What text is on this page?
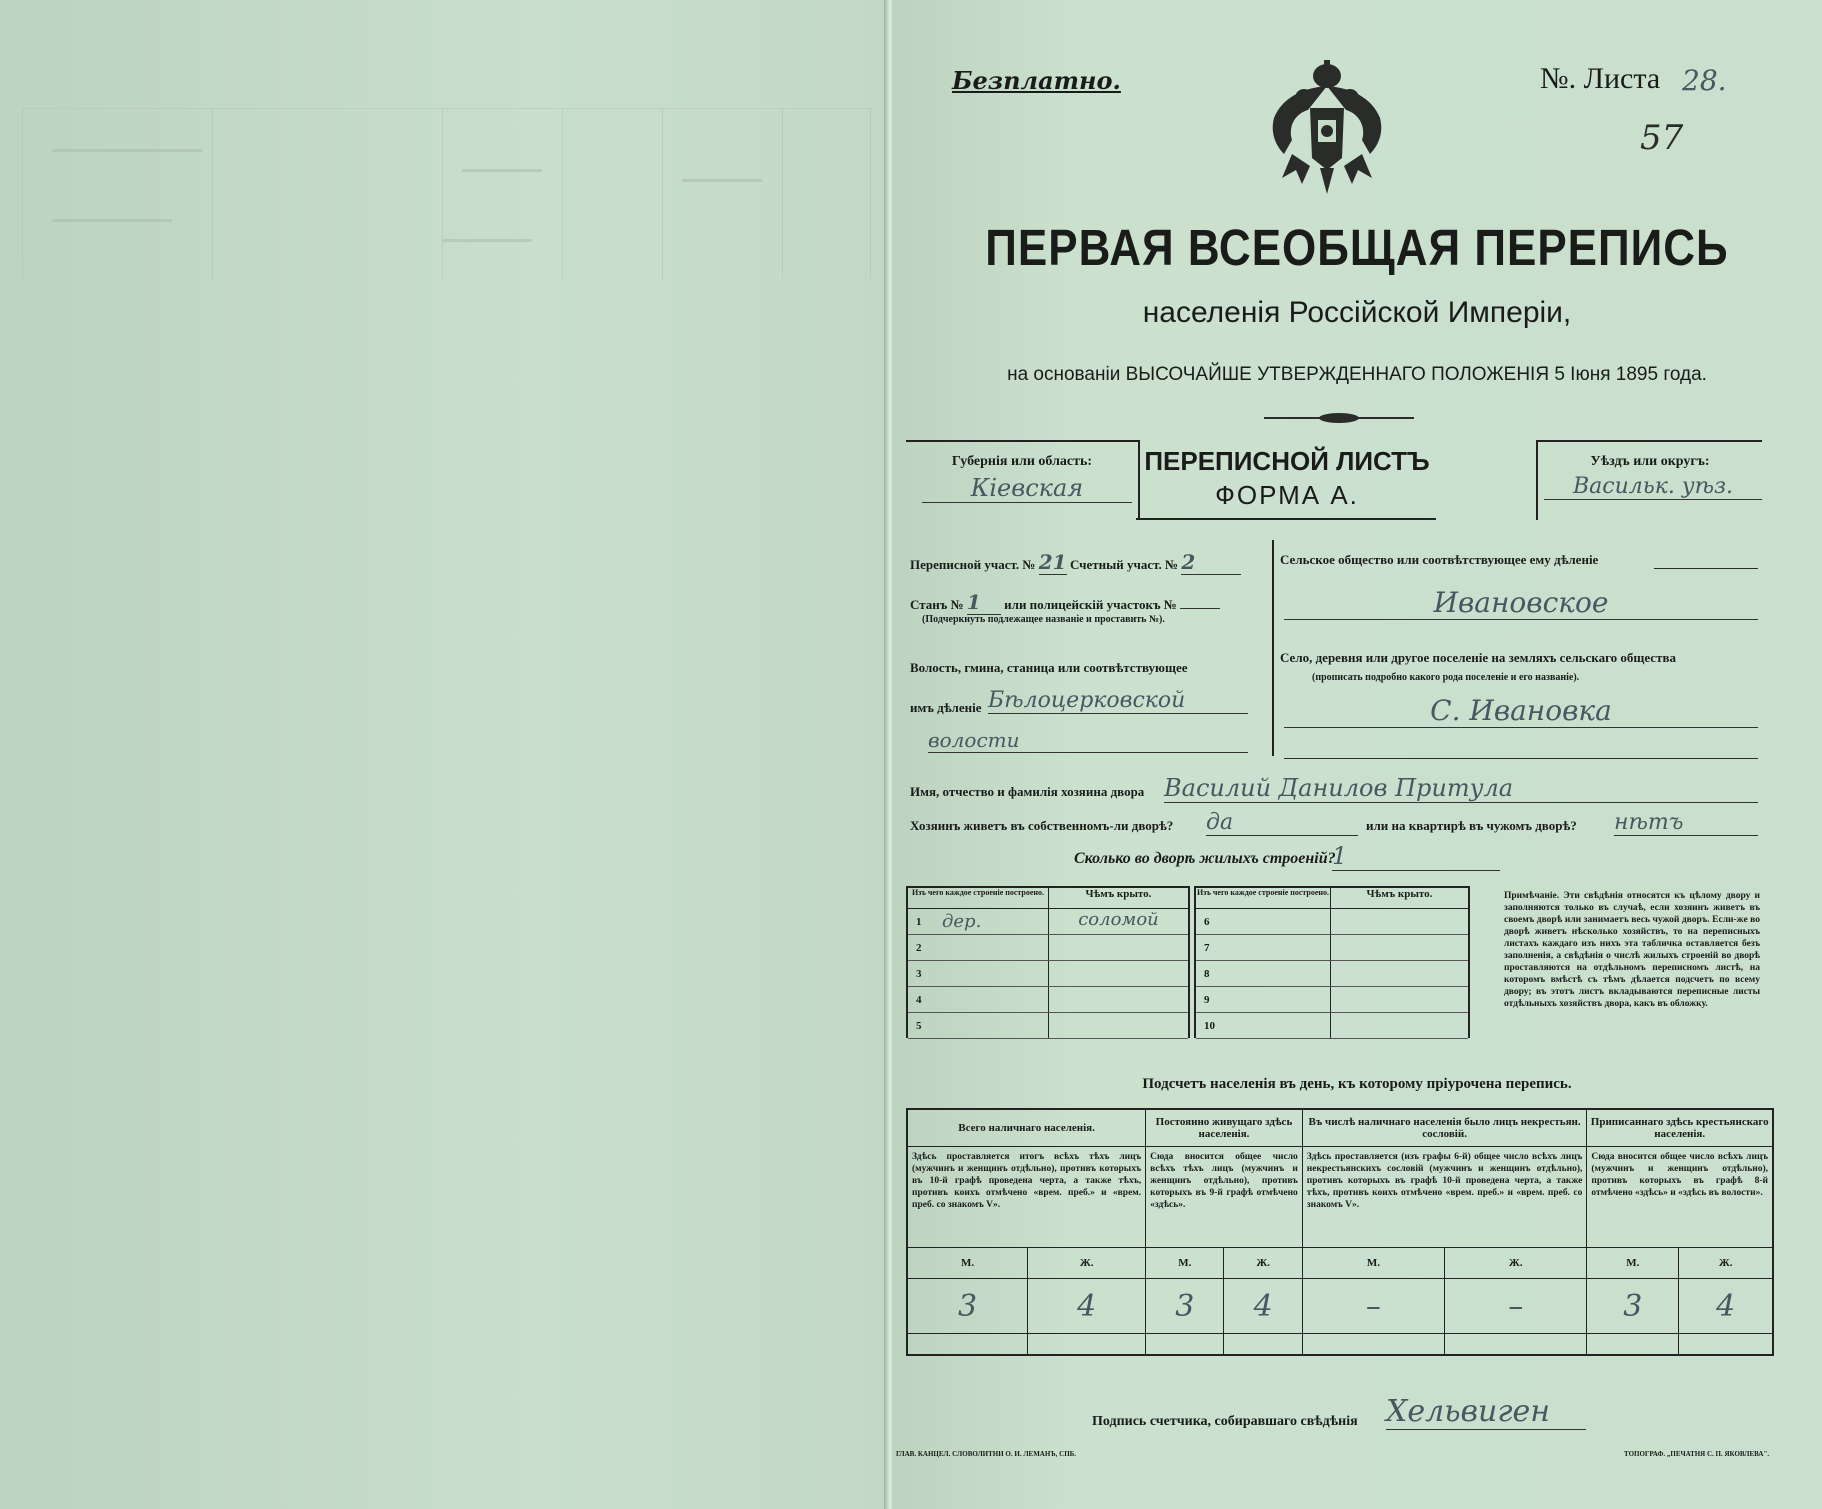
Безплатно.	№. Листа 28.
57
ПЕРВАЯ ВСЕОБЩАЯ ПЕРЕПИСЬ
населенія Россійской Имперіи,
на основаніи ВЫСОЧАЙШЕ УТВЕРЖДЕННАГО ПОЛОЖЕНІЯ 5 Іюня 1895 года.
Губернія или область:
Кіевская
ПЕРЕПИСНОЙ ЛИСТЪ
ФОРМА А.
Уѣздъ или округъ:
Васильк. уѣз.
Переписной участ. № 21 Счетный участ. № 2
Станъ № 1 или полицейскій участокъ №
(Подчеркнуть подлежащее названіе и проставить №).
Волость, гмина, станица или соотвѣтствующее
имъ дѣленіе Бѣлоцерковской
волости
Сельское общество или соотвѣтствующее ему дѣленіе
Ивановское
Село, деревня или другое поселеніе на земляхъ сельскаго общества
(прописать подробно какого рода поселеніе и его названіе).
С. Ивановка
Имя, отчество и фамилія хозяина двора Василий Данилов Притула
Хозяинъ живетъ въ собственномъ-ли дворѣ? да	или на квартирѣ въ чужомъ дворѣ? нѣтъ
Сколько во дворѣ жилыхъ строеній?
1
Изъ чего каждое строеніе построено.	Чѣмъ крыто.
1	дер.	соломой
2
3
4
5
Изъ чего каждое строеніе построено.	Чѣмъ крыто.
6
7
8
9
10
Примѣчаніе. Эти свѣдѣнія относятся къ цѣлому двору и заполняются только въ случаѣ, если хозяинъ живетъ въ своемъ дворѣ или занимаетъ весь чужой дворъ. Если-же во дворѣ живетъ нѣсколько хозяйствъ, то на переписныхъ листахъ каждаго изъ нихъ эта табличка оставляется безъ заполненія, а свѣдѣнія о числѣ жилыхъ строеній во дворѣ проставляются на отдѣльномъ переписномъ листѣ, на которомъ вмѣстѣ съ тѣмъ дѣлается подсчетъ по всему двору; въ этотъ листъ вкладываются переписные листы отдѣльныхъ хозяйствъ двора, какъ въ обложку.
Подсчетъ населенія въ день, къ которому пріурочена перепись.
Всего наличнаго населенія.		Постоянно живущаго здѣсь населенія.		Въ числѣ наличнаго населенія было лицъ некрестьян. сословій.		Приписаннаго здѣсь крестьянскаго населенія.	
Здѣсь проставляется итогъ всѣхъ тѣхъ лицъ (мужчинъ и женщинъ отдѣльно), противъ которыхъ въ 10-й графѣ проведена черта, а также тѣхъ, противъ коихъ отмѣчено «врем. преб.» и «врем. преб. со знакомъ V».		Сюда вносится общее число всѣхъ тѣхъ лицъ (мужчинъ и женщинъ отдѣльно), противъ которыхъ въ 9-й графѣ отмѣчено «здѣсь».		Здѣсь проставляется (изъ графы 6-й) общее число всѣхъ лицъ некрестьянскихъ сословій (мужчинъ и женщинъ отдѣльно), противъ которыхъ въ графѣ 10-й проведена черта, а также тѣхъ, противъ коихъ отмѣчено «врем. преб.» и «врем. преб. со знакомъ V».		Сюда вносится общее число всѣхъ лицъ (мужчинъ и женщинъ отдѣльно), противъ которыхъ въ графѣ 8-й отмѣчено «здѣсь» и «здѣсь въ волости».	
М.	Ж.	М.	Ж.	М.	Ж.	М.	Ж.
3	4	3	4	–	–	3	4

Подпись счетчика, собиравшаго свѣдѣнія Хельвиген
ГЛАВ. КАНЦЕЛ. СЛОВОЛИТНИ О. И. ЛЕМАНЪ, СПБ.	ТОПОГРАФ. „ПЕЧАТНЯ С. П. ЯКОВЛЕВА".
